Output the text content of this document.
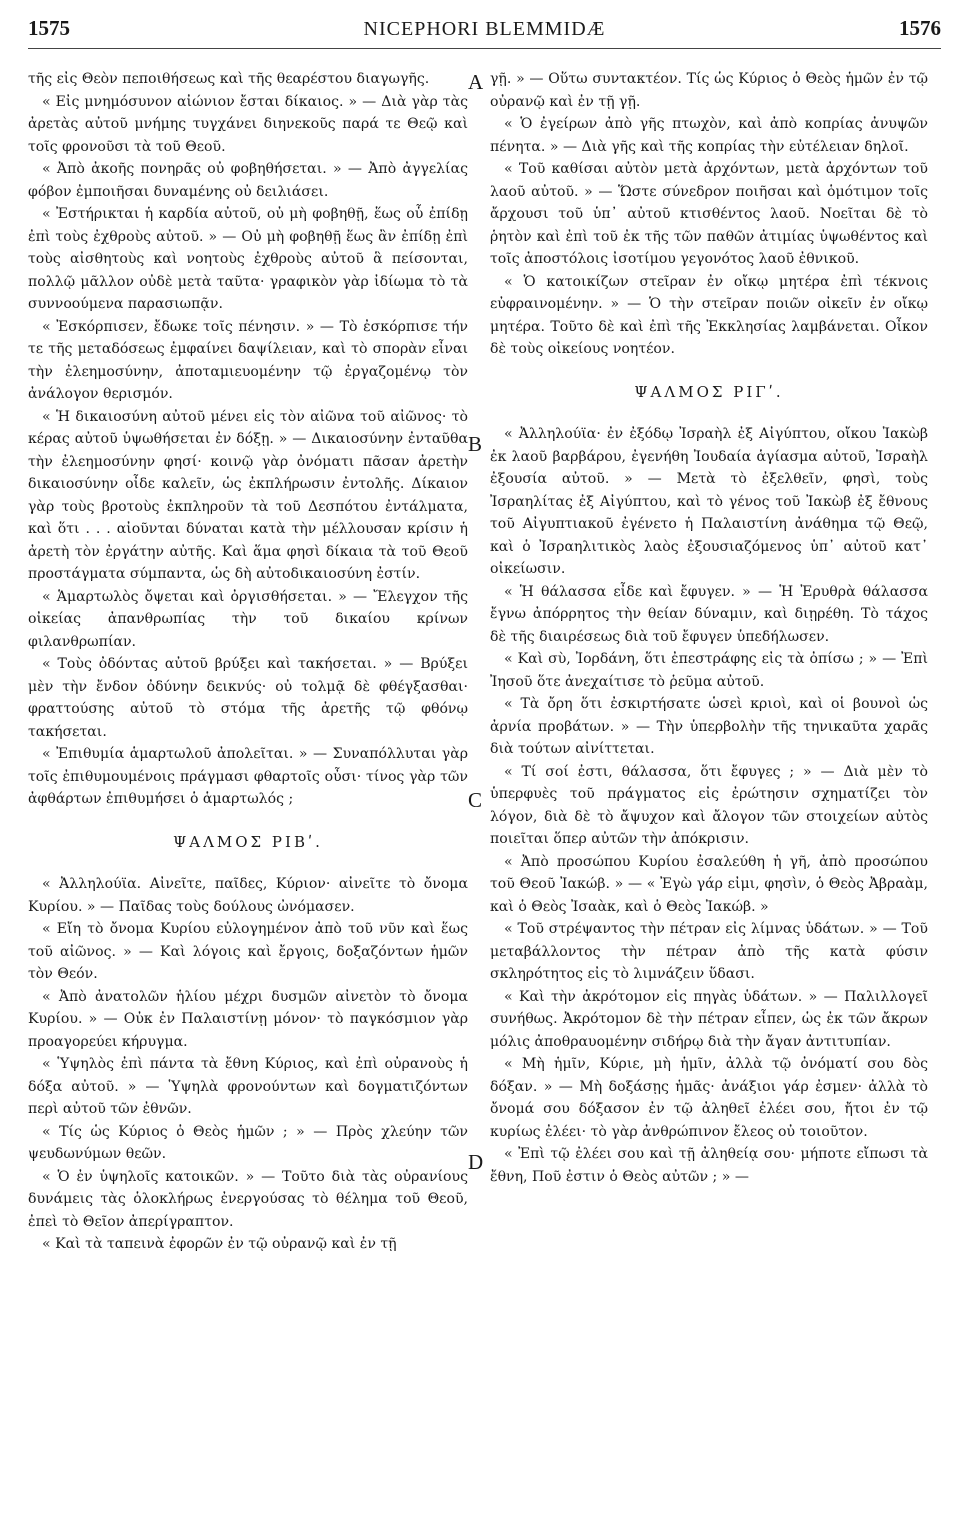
1575	NICEPHORI BLEMMIDÆ	1576
A
B
C
D

τῆς εἰς Θεὸν πεποιθήσεως καὶ τῆς θεαρέστου διαγωγῆς.

« Εἰς μνημόσυνον αἰώνιον ἔσται δίκαιος. » — Διὰ γὰρ τὰς ἀρετὰς αὐτοῦ μνήμης τυγχάνει διηνεκοῦς παρά τε Θεῷ καὶ τοῖς φρονοῦσι τὰ τοῦ Θεοῦ.

« Ἀπὸ ἀκοῆς πονηρᾶς οὐ φοβηθήσεται. » — Ἀπὸ ἀγγελίας φόβον ἐμποιῆσαι δυναμένης οὐ δειλιάσει.

« Ἐστήρικται ἡ καρδία αὐτοῦ, οὐ μὴ φοβηθῇ, ἕως οὗ ἐπίδῃ ἐπὶ τοὺς ἐχθροὺς αὐτοῦ. » — Οὐ μὴ φοβηθῇ ἕως ἂν ἐπίδῃ ἐπὶ τοὺς αἰσθητοὺς καὶ νοητοὺς ἐχθροὺς αὐτοῦ ἃ πείσονται, πολλῷ μᾶλλον οὐδὲ μετὰ ταῦτα· γραφικὸν γὰρ ἰδίωμα τὸ τὰ συννοούμενα παρασιωπᾷν.

« Ἐσκόρπισεν, ἔδωκε τοῖς πένησιν. » — Τὸ ἐσκόρπισε τήν τε τῆς μεταδόσεως ἐμφαίνει δαψίλειαν, καὶ τὸ σπορὰν εἶναι τὴν ἐλεημοσύνην, ἀποταμιευομένην τῷ ἐργαζομένῳ τὸν ἀνάλογον θερισμόν.

« Ἡ δικαιοσύνη αὐτοῦ μένει εἰς τὸν αἰῶνα τοῦ αἰῶνος· τὸ κέρας αὐτοῦ ὑψωθήσεται ἐν δόξῃ. » — Δικαιοσύνην ἐνταῦθα τὴν ἐλεημοσύνην φησί· κοινῷ γὰρ ὀνόματι πᾶσαν ἀρετὴν δικαιοσύνην οἶδε καλεῖν, ὡς ἐκπλήρωσιν ἐντολῆς. Δίκαιον γὰρ τοὺς βροτοὺς ἐκπληροῦν τὰ τοῦ Δεσπότου ἐντάλματα, καὶ ὅτι . . . αἰοῦνται δύναται κατὰ τὴν μέλλουσαν κρίσιν ἡ ἀρετὴ τὸν ἐργάτην αὐτῆς. Καὶ ἅμα φησὶ δίκαια τὰ τοῦ Θεοῦ προστάγματα σύμπαντα, ὡς δὴ αὐτοδικαιοσύνη ἐστίν.

« Ἁμαρτωλὸς ὄψεται καὶ ὀργισθήσεται. » — Ἔλεγχον τῆς οἰκείας ἀπανθρωπίας τὴν τοῦ δικαίου κρίνων φιλανθρωπίαν.

« Τοὺς ὀδόντας αὐτοῦ βρύξει καὶ τακήσεται. » — Βρύξει μὲν τὴν ἔνδον ὀδύνην δεικνύς· οὐ τολμᾷ δὲ φθέγξασθαι· φραττούσης αὐτοῦ τὸ στόμα τῆς ἀρετῆς τῷ φθόνῳ τακήσεται.

« Ἐπιθυμία ἁμαρτωλοῦ ἀπολεῖται. » — Συναπόλλυται γὰρ τοῖς ἐπιθυμουμένοις πράγμασι φθαρτοῖς οὖσι· τίνος γὰρ τῶν ἀφθάρτων ἐπιθυμήσει ὁ ἁμαρτωλός ;

ΨΑΛΜΟΣ ΡΙΒʹ.

« Ἀλληλούϊα. Αἰνεῖτε, παῖδες, Κύριον· αἰνεῖτε τὸ ὄνομα Κυρίου. » — Παῖδας τοὺς δούλους ὠνόμασεν.

« Εἴη τὸ ὄνομα Κυρίου εὐλογημένον ἀπὸ τοῦ νῦν καὶ ἕως τοῦ αἰῶνος. » — Καὶ λόγοις καὶ ἔργοις, δοξαζόντων ἡμῶν τὸν Θεόν.

« Ἀπὸ ἀνατολῶν ἡλίου μέχρι δυσμῶν αἰνετὸν τὸ ὄνομα Κυρίου. » — Οὐκ ἐν Παλαιστίνῃ μόνον· τὸ παγκόσμιον γὰρ προαγορεύει κήρυγμα.

« Ὑψηλὸς ἐπὶ πάντα τὰ ἔθνη Κύριος, καὶ ἐπὶ οὐρανοὺς ἡ δόξα αὐτοῦ. » — Ὑψηλὰ φρονούντων καὶ δογματιζόντων περὶ αὐτοῦ τῶν ἐθνῶν.

« Τίς ὡς Κύριος ὁ Θεὸς ἡμῶν ; » — Πρὸς χλεύην τῶν ψευδωνύμων θεῶν.

« Ὁ ἐν ὑψηλοῖς κατοικῶν. » — Τοῦτο διὰ τὰς οὐρανίους δυνάμεις τὰς ὁλοκλήρως ἐνεργούσας τὸ θέλημα τοῦ Θεοῦ, ἐπεὶ τὸ Θεῖον ἀπερίγραπτον.

« Καὶ τὰ ταπεινὰ ἐφορῶν ἐν τῷ οὐρανῷ καὶ ἐν τῇ

γῇ. » — Οὕτω συντακτέον. Τίς ὡς Κύριος ὁ Θεὸς ἡμῶν ἐν τῷ οὐρανῷ καὶ ἐν τῇ γῇ.

« Ὁ ἐγείρων ἀπὸ γῆς πτωχὸν, καὶ ἀπὸ κοπρίας ἀνυψῶν πένητα. » — Διὰ γῆς καὶ τῆς κοπρίας τὴν εὐτέλειαν δηλοῖ.

« Τοῦ καθίσαι αὐτὸν μετὰ ἀρχόντων, μετὰ ἀρχόντων τοῦ λαοῦ αὐτοῦ. » — Ὥστε σύνεδρον ποιῆσαι καὶ ὁμότιμον τοῖς ἄρχουσι τοῦ ὑπ᾽ αὐτοῦ κτισθέντος λαοῦ. Νοεῖται δὲ τὸ ῥητὸν καὶ ἐπὶ τοῦ ἐκ τῆς τῶν παθῶν ἀτιμίας ὑψωθέντος καὶ τοῖς ἀποστόλοις ἰσοτίμου γεγονότος λαοῦ ἐθνικοῦ.

« Ὁ κατοικίζων στεῖραν ἐν οἴκῳ μητέρα ἐπὶ τέκνοις εὐφραινομένην. » — Ὁ τὴν στεῖραν ποιῶν οἰκεῖν ἐν οἴκῳ μητέρα. Τοῦτο δὲ καὶ ἐπὶ τῆς Ἐκκλησίας λαμβάνεται. Οἶκον δὲ τοὺς οἰκείους νοητέον.

ΨΑΛΜΟΣ ΡΙΓʹ.

« Ἀλληλούϊα· ἐν ἐξόδῳ Ἰσραὴλ ἐξ Αἰγύπτου, οἴκου Ἰακὼβ ἐκ λαοῦ βαρβάρου, ἐγενήθη Ἰουδαία ἁγίασμα αὐτοῦ, Ἰσραὴλ ἐξουσία αὐτοῦ. » — Μετὰ τὸ ἐξελθεῖν, φησὶ, τοὺς Ἰσραηλίτας ἐξ Αἰγύπτου, καὶ τὸ γένος τοῦ Ἰακὼβ ἐξ ἔθνους τοῦ Αἰγυπτιακοῦ ἐγένετο ἡ Παλαιστίνη ἀνάθημα τῷ Θεῷ, καὶ ὁ Ἰσραηλιτικὸς λαὸς ἐξουσιαζόμενος ὑπ᾽ αὐτοῦ κατ᾽ οἰκείωσιν.

« Ἡ θάλασσα εἶδε καὶ ἔφυγεν. » — Ἡ Ἐρυθρὰ θάλασσα ἔγνω ἀπόρρητος τὴν θείαν δύναμιν, καὶ διῃρέθη. Τὸ τάχος δὲ τῆς διαιρέσεως διὰ τοῦ ἔφυγεν ὑπεδήλωσεν.

« Καὶ σὺ, Ἰορδάνη, ὅτι ἐπεστράφης εἰς τὰ ὀπίσω ; » — Ἐπὶ Ἰησοῦ ὅτε ἀνεχαίτισε τὸ ῥεῦμα αὐτοῦ.

« Τὰ ὄρη ὅτι ἐσκιρτήσατε ὡσεὶ κριοὶ, καὶ οἱ βουνοὶ ὡς ἀρνία προβάτων. » — Τὴν ὑπερβολὴν τῆς τηνικαῦτα χαρᾶς διὰ τούτων αἰνίττεται.

« Τί σοί ἐστι, θάλασσα, ὅτι ἔφυγες ; » — Διὰ μὲν τὸ ὑπερφυὲς τοῦ πράγματος εἰς ἐρώτησιν σχηματίζει τὸν λόγον, διὰ δὲ τὸ ἄψυχον καὶ ἄλογον τῶν στοιχείων αὐτὸς ποιεῖται ὅπερ αὐτῶν τὴν ἀπόκρισιν.

« Ἀπὸ προσώπου Κυρίου ἐσαλεύθη ἡ γῆ, ἀπὸ προσώπου τοῦ Θεοῦ Ἰακώβ. » — « Ἐγὼ γάρ εἰμι, φησὶν, ὁ Θεὸς Ἀβραὰμ, καὶ ὁ Θεὸς Ἰσαὰκ, καὶ ὁ Θεὸς Ἰακώβ. »

« Τοῦ στρέψαντος τὴν πέτραν εἰς λίμνας ὑδάτων. » — Τοῦ μεταβάλλοντος τὴν πέτραν ἀπὸ τῆς κατὰ φύσιν σκληρότητος εἰς τὸ λιμνάζειν ὕδασι.

« Καὶ τὴν ἀκρότομον εἰς πηγὰς ὑδάτων. » — Παλιλλογεῖ συνήθως. Ἀκρότομον δὲ τὴν πέτραν εἶπεν, ὡς ἐκ τῶν ἄκρων μόλις ἀποθραυομένην σιδήρῳ διὰ τὴν ἄγαν ἀντιτυπίαν.

« Μὴ ἡμῖν, Κύριε, μὴ ἡμῖν, ἀλλὰ τῷ ὀνόματί σου δὸς δόξαν. » — Μὴ δοξάσῃς ἡμᾶς· ἀνάξιοι γάρ ἐσμεν· ἀλλὰ τὸ ὄνομά σου δόξασον ἐν τῷ ἀληθεῖ ἐλέει σου, ἤτοι ἐν τῷ κυρίως ἐλέει· τὸ γὰρ ἀνθρώπινον ἔλεος οὐ τοιοῦτον.

« Ἐπὶ τῷ ἐλέει σου καὶ τῇ ἀληθείᾳ σου· μήποτε εἴπωσι τὰ ἔθνη, Ποῦ ἐστιν ὁ Θεὸς αὐτῶν ; » —
